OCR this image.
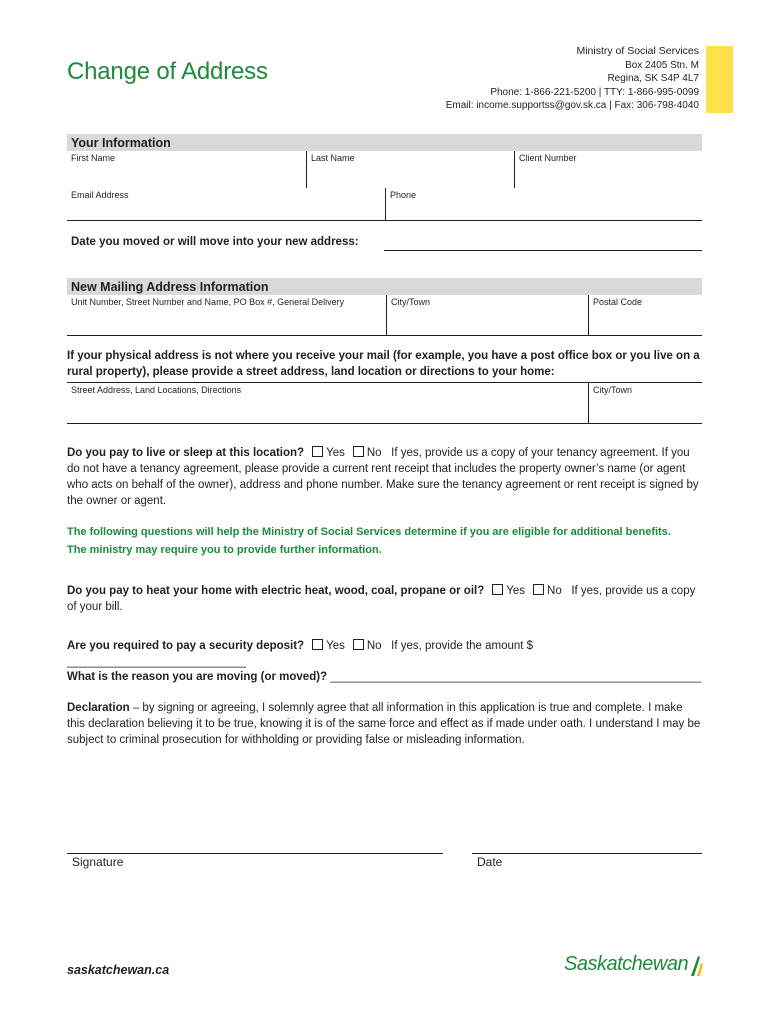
Change of Address
Ministry of Social Services
Box 2405 Stn. M
Regina, SK S4P 4L7
Phone: 1-866-221-5200 | TTY: 1-866-995-0099
Email: income.supportss@gov.sk.ca | Fax: 306-798-4040
Your Information
First Name	Last Name	Client Number
Email Address	Phone
Date you moved or will move into your new address:
New Mailing Address Information
Unit Number, Street Number and Name, PO Box #, General Delivery	City/Town	Postal Code
If your physical address is not where you receive your mail (for example, you have a post office box or you live on a rural property), please provide a street address, land location or directions to your home:
Street Address, Land Locations, Directions	City/Town
Do you pay to live or sleep at this location? Yes No If yes, provide us a copy of your tenancy agreement. If you do not have a tenancy agreement, please provide a current rent receipt that includes the property owner’s name (or agent who acts on behalf of the owner), address and phone number. Make sure the tenancy agreement or rent receipt is signed by the owner or agent.
The following questions will help the Ministry of Social Services determine if you are eligible for additional benefits.
The ministry may require you to provide further information.
Do you pay to heat your home with electric heat, wood, coal, propane or oil? Yes No If yes, provide us a copy of your bill.
Are you required to pay a security deposit? Yes No If yes, provide the amount $ ____________________________
What is the reason you are moving (or moved)? __________________________________________________________
Declaration – by signing or agreeing, I solemnly agree that all information in this application is true and complete. I make this declaration believing it to be true, knowing it is of the same force and effect as if made under oath. I understand I may be subject to criminal prosecution for withholding or providing false or misleading information.
Signature	Date
saskatchewan.ca	Saskatchewan
